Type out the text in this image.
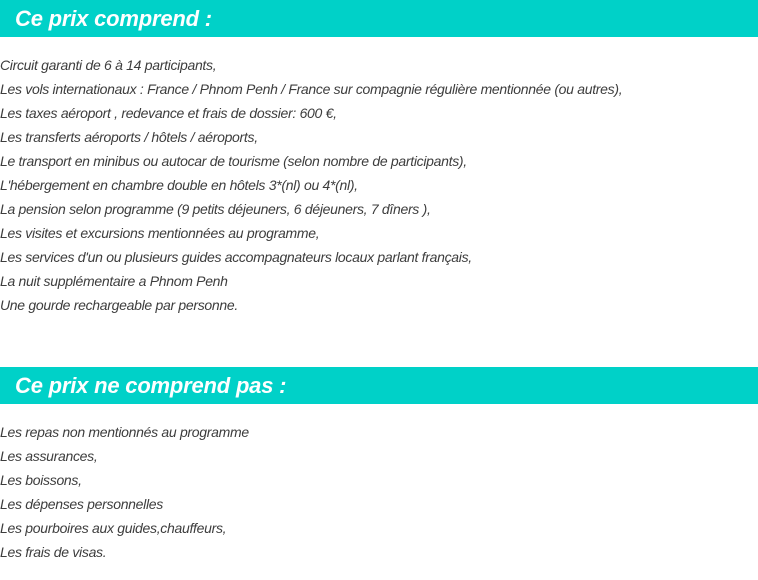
Ce prix comprend :
Circuit garanti de 6 à 14 participants,
Les vols internationaux : France / Phnom Penh / France sur compagnie régulière mentionnée (ou autres),
Les taxes aéroport , redevance et frais de dossier: 600 €,
Les transferts aéroports / hôtels / aéroports,
Le transport en minibus ou autocar de tourisme (selon nombre de participants),
L'hébergement en chambre double en hôtels 3*(nl) ou 4*(nl),
La pension selon programme (9 petits déjeuners, 6 déjeuners, 7 dîners ),
Les visites et excursions mentionnées au programme,
Les services d'un ou plusieurs guides accompagnateurs locaux parlant français,
La nuit supplémentaire a Phnom Penh
Une gourde rechargeable par personne.
Ce prix ne comprend pas :
Les repas non mentionnés au programme
Les assurances,
Les boissons,
Les dépenses personnelles
Les pourboires aux guides,chauffeurs,
Les frais de visas.
